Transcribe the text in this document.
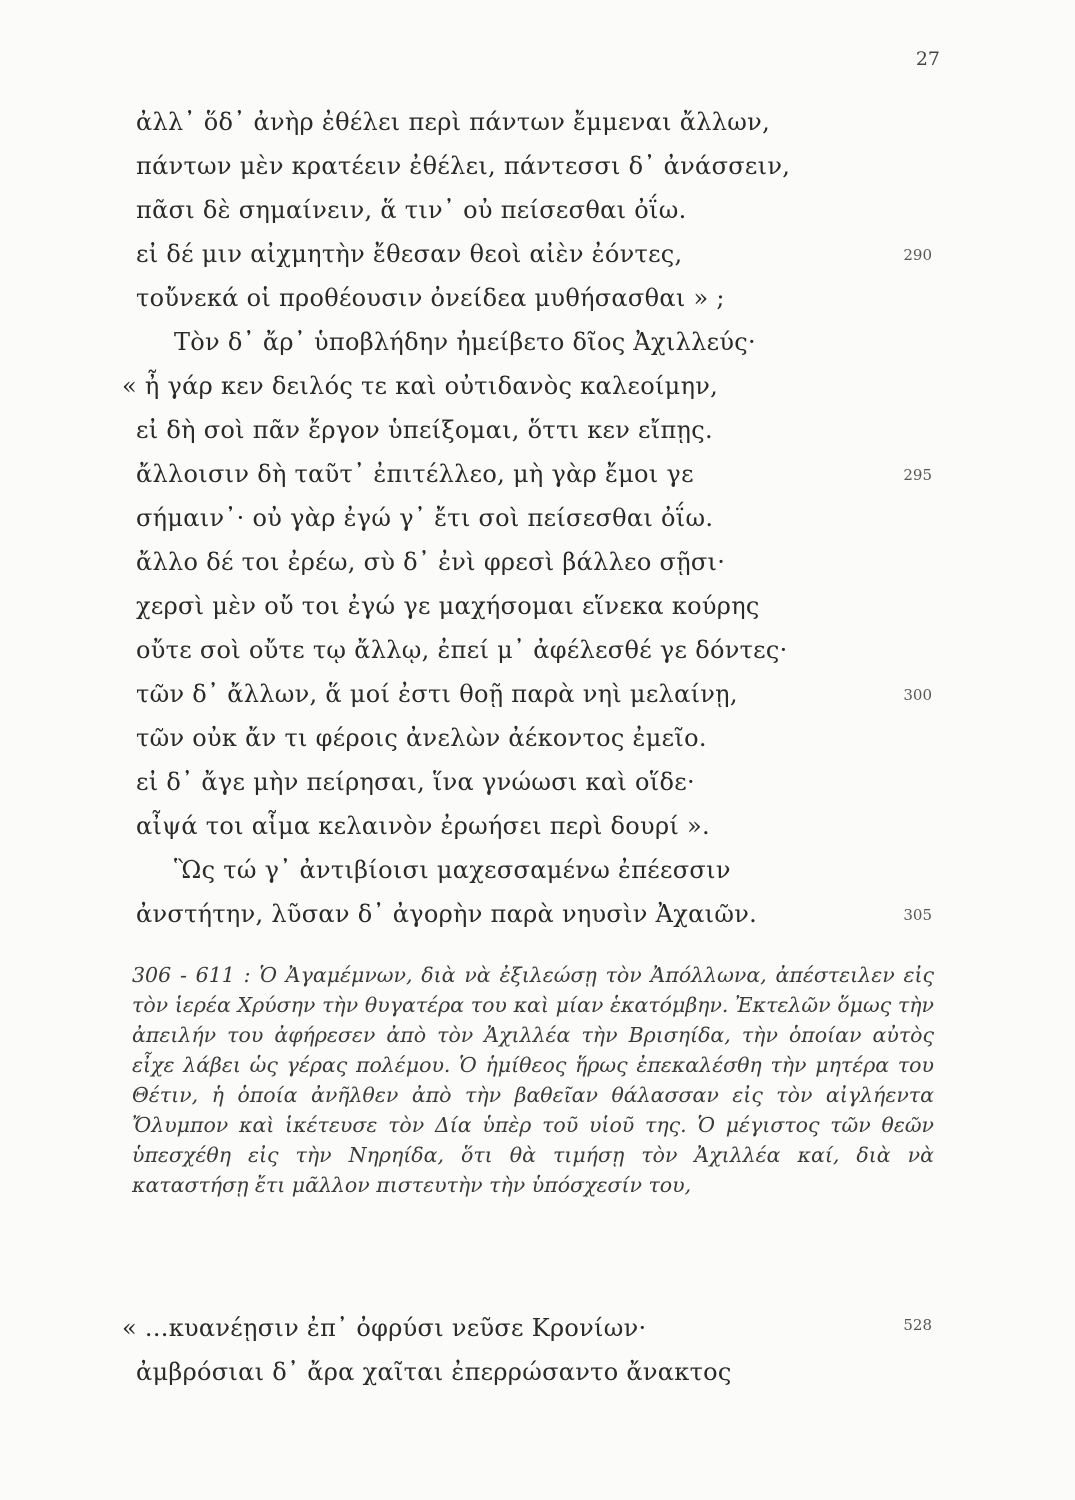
27
ἀλλ᾽ ὅδ᾽ ἀνὴρ ἐθέλει περὶ πάντων ἔμμεναι ἄλλων,
πάντων μὲν κρατέειν ἐθέλει, πάντεσσι δ᾽ ἀνάσσειν,
πᾶσι δὲ σημαίνειν, ἅ τιν᾽ οὐ πείσεσθαι ὀΐω.
εἰ δέ μιν αἰχμητὴν ἔθεσαν θεοὶ αἰὲν ἐόντες,	290
τοὔνεκά οἱ προθέουσιν ὀνείδεα μυθήσασθαι » ;
Τὸν δ᾽ ἄρ᾽ ὑποβλήδην ἠμείβετο δῖος Ἀχιλλεύς·
« ἦ γάρ κεν δειλός τε καὶ οὐτιδανὸς καλεοίμην,
εἰ δὴ σοὶ πᾶν ἔργον ὑπείξομαι, ὅττι κεν εἴπῃς.
ἄλλοισιν δὴ ταῦτ᾽ ἐπιτέλλεο, μὴ γὰρ ἔμοι γε	295
σήμαιν᾽· οὐ γὰρ ἐγώ γ᾽ ἔτι σοὶ πείσεσθαι ὀΐω.
ἄλλο δέ τοι ἐρέω, σὺ δ᾽ ἐνὶ φρεσὶ βάλλεο σῇσι·
χερσὶ μὲν οὔ τοι ἐγώ γε μαχήσομαι εἵνεκα κούρης
οὔτε σοὶ οὔτε τῳ ἄλλῳ, ἐπεί μ᾽ ἀφέλεσθέ γε δόντες·
τῶν δ᾽ ἄλλων, ἅ μοί ἐστι θοῇ παρὰ νηὶ μελαίνῃ,	300
τῶν οὐκ ἄν τι φέροις ἀνελὼν ἀέκοντος ἐμεῖο.
εἰ δ᾽ ἄγε μὴν πείρησαι, ἵνα γνώωσι καὶ οἵδε·
αἶψά τοι αἷμα κελαινὸν ἐρωήσει περὶ δουρί ».
Ὣς τώ γ᾽ ἀντιβίοισι μαχεσσαμένω ἐπέεσσιν
ἀνστήτην, λῦσαν δ᾽ ἀγορὴν παρὰ νηυσὶν Ἀχαιῶν.	305
306 - 611 : Ὁ Ἀγαμέμνων, διὰ νὰ ἐξιλεώσῃ τὸν Ἀπόλλωνα, ἀπέστειλεν εἰς τὸν ἱερέα Χρύσην τὴν θυγατέρα του καὶ μίαν ἑκατόμβην. Ἐκτελῶν ὅμως τὴν ἀπειλήν του ἀφήρεσεν ἀπὸ τὸν Ἀχιλλέα τὴν Βρισηίδα, τὴν ὁποίαν αὐτὸς εἶχε λάβει ὡς γέρας πολέμου. Ὁ ἡμίθεος ἥρως ἐπεκαλέσθη τὴν μητέρα του Θέτιν, ἡ ὁποία ἀνῆλθεν ἀπὸ τὴν βαθεῖαν θάλασσαν εἰς τὸν αἰγλήεντα Ὄλυμπον καὶ ἱκέτευσε τὸν Δία ὑπὲρ τοῦ υἱοῦ της. Ὁ μέγιστος τῶν θεῶν ὑπεσχέθη εἰς τὴν Νηρηίδα, ὅτι θὰ τιμήσῃ τὸν Ἀχιλλέα καί, διὰ νὰ καταστήσῃ ἔτι μᾶλλον πιστευτὴν τὴν ὑπόσχεσίν του,
« ...κυανέῃσιν ἐπ᾽ ὀφρύσι νεῦσε Κρονίων·	528
ἀμβρόσιαι δ᾽ ἄρα χαῖται ἐπερρώσαντο ἄνακτος
